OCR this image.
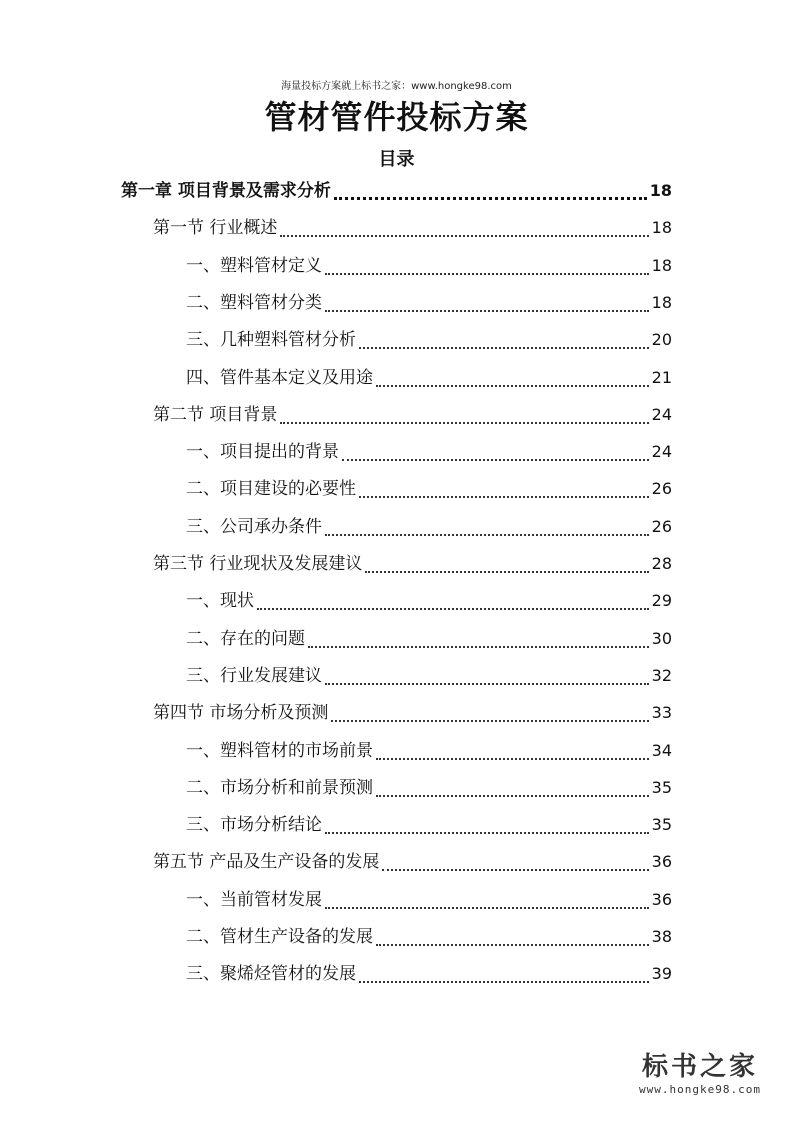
海量投标方案就上标书之家：www.hongke98.com
管材管件投标方案
目录
第一章 项目背景及需求分析	18
第一节 行业概述	18
一、塑料管材定义	18
二、塑料管材分类	18
三、几种塑料管材分析	20
四、管件基本定义及用途	21
第二节 项目背景	24
一、项目提出的背景	24
二、项目建设的必要性	26
三、公司承办条件	26
第三节 行业现状及发展建议	28
一、现状	29
二、存在的问题	30
三、行业发展建议	32
第四节 市场分析及预测	33
一、塑料管材的市场前景	34
二、市场分析和前景预测	35
三、市场分析结论	35
第五节 产品及生产设备的发展	36
一、当前管材发展	36
二、管材生产设备的发展	38
三、聚烯烃管材的发展	39
标书之家
www.hongke98.com
